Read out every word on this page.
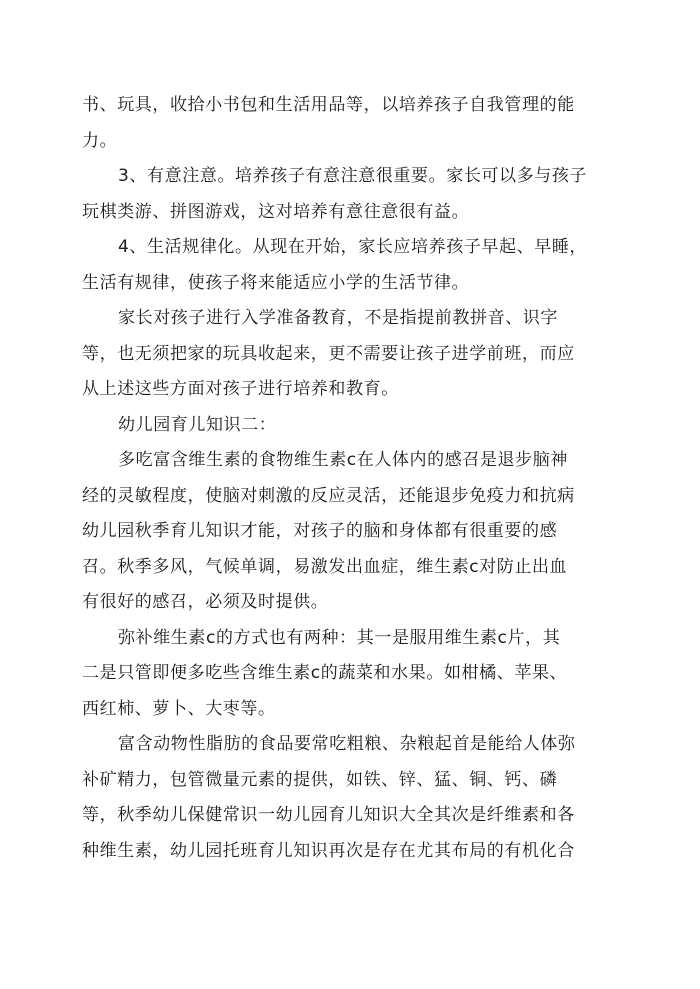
书、玩具，收拾小书包和生活用品等，以培养孩子自我管理的能
力。
3、有意注意。培养孩子有意注意很重要。家长可以多与孩子
玩棋类游、拼图游戏，这对培养有意往意很有益。
4、生活规律化。从现在开始，家长应培养孩子早起、早睡，
生活有规律，使孩子将来能适应小学的生活节律。
家长对孩子进行入学准备教育，不是指提前教拼音、识字
等，也无须把家的玩具收起来，更不需要让孩子进学前班，而应
从上述这些方面对孩子进行培养和教育。
幼儿园育儿知识二：
多吃富含维生素的食物维生素c在人体内的感召是退步脑神
经的灵敏程度，使脑对刺激的反应灵活，还能退步免疫力和抗病
幼儿园秋季育儿知识才能，对孩子的脑和身体都有很重要的感
召。秋季多风，气候单调，易激发出血症，维生素c对防止出血
有很好的感召，必须及时提供。
弥补维生素c的方式也有两种：其一是服用维生素c片，其
二是只管即便多吃些含维生素c的蔬菜和水果。如柑橘、苹果、
西红柿、萝卜、大枣等。
富含动物性脂肪的食品要常吃粗粮、杂粮起首是能给人体弥
补矿精力，包管微量元素的提供，如铁、锌、猛、铜、钙、磷
等，秋季幼儿保健常识一幼儿园育儿知识大全其次是纤维素和各
种维生素，幼儿园托班育儿知识再次是存在尤其布局的有机化合
